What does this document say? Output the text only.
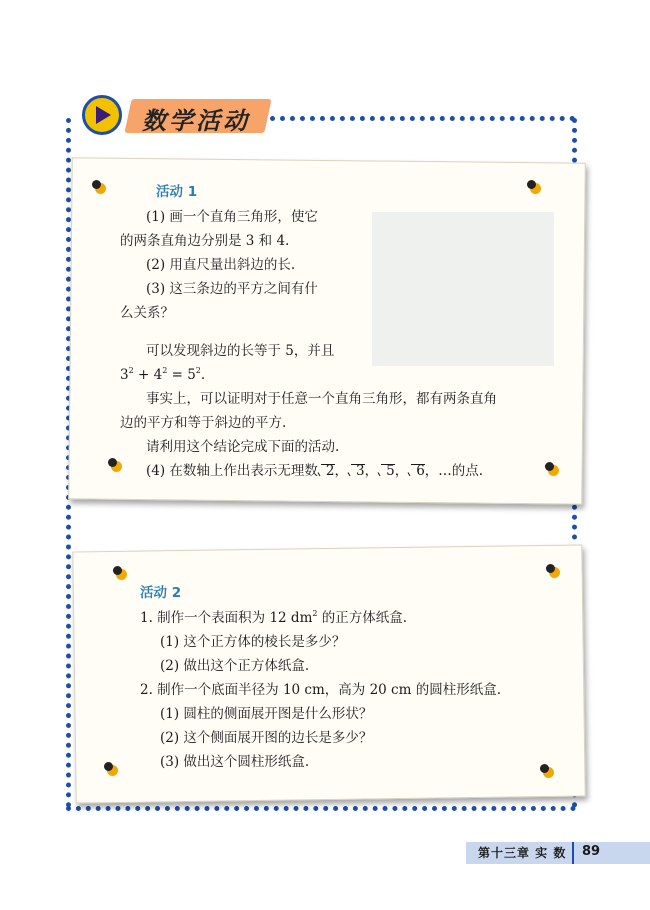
数学活动
活动 1
(1) 画一个直角三角形，使它
的两条直角边分别是 3 和 4.
(2) 用直尺量出斜边的长.
(3) 这三条边的平方之间有什
么关系？
可以发现斜边的长等于 5，并且
$3^2 + 4^2 = 5^2$.
事实上，可以证明对于任意一个直角三角形，都有两条直角
边的平方和等于斜边的平方.
请利用这个结论完成下面的活动.
(4) 在数轴上作出表示无理数 2， 3， 5， 6，…的点.
活动 2
1. 制作一个表面积为 12 $dm^2$ 的正方体纸盒.
(1) 这个正方体的棱长是多少？
(2) 做出这个正方体纸盒.
2. 制作一个底面半径为 10 cm，高为 20 cm 的圆柱形纸盒.
(1) 圆柱的侧面展开图是什么形状？
(2) 这个侧面展开图的边长是多少？
(3) 做出这个圆柱形纸盒.
第十三章 实 数 89
